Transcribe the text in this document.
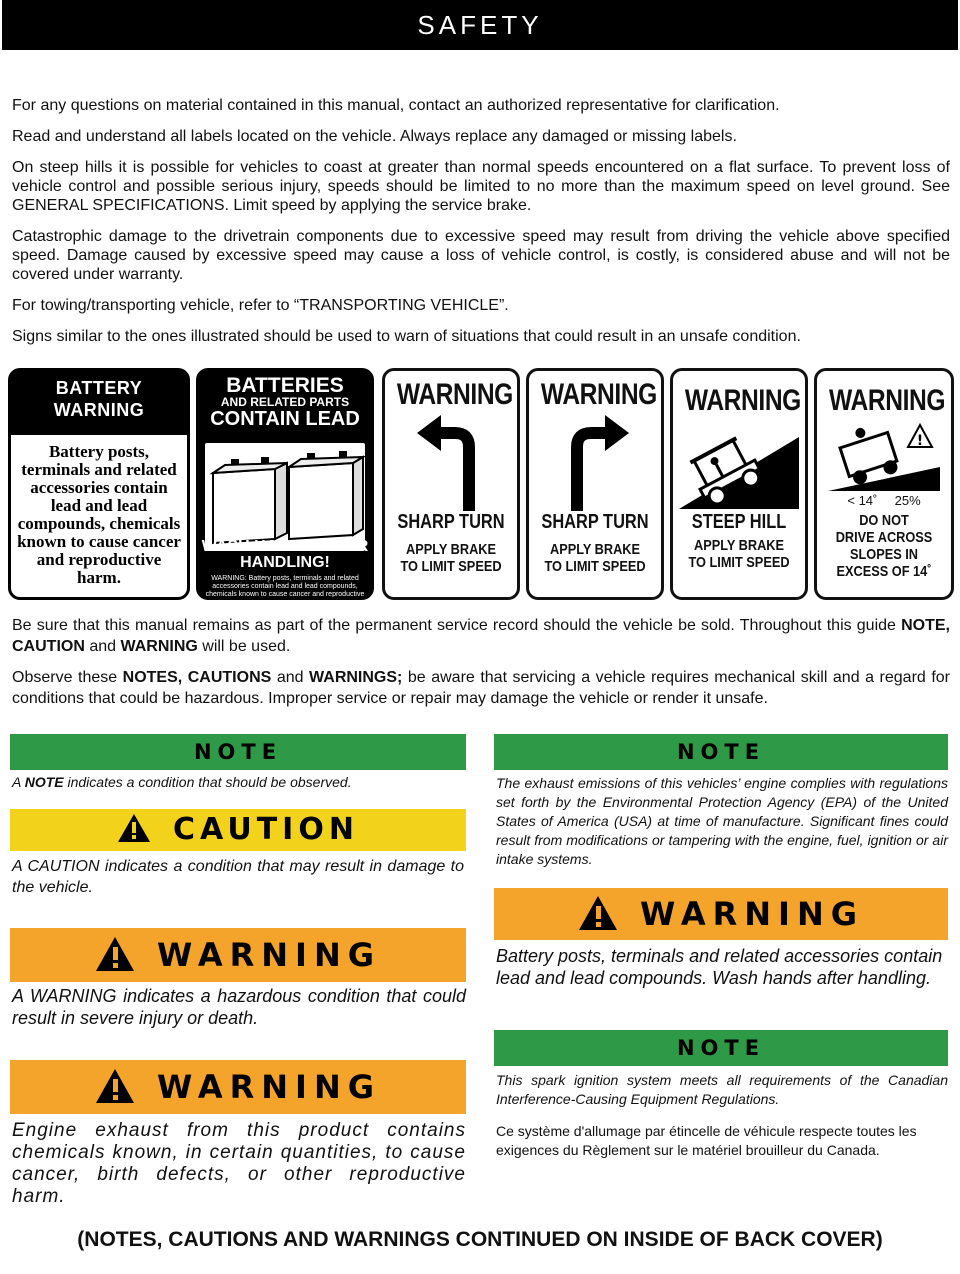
SAFETY

For any questions on material contained in this manual, contact an authorized representative for clarification.

Read and understand all labels located on the vehicle. Always replace any damaged or missing labels.

On steep hills it is possible for vehicles to coast at greater than normal speeds encountered on a flat surface. To prevent loss of vehicle control and possible serious injury, speeds should be limited to no more than the maximum speed on level ground. See GENERAL SPECIFICATIONS. Limit speed by applying the service brake.

Catastrophic damage to the drivetrain components due to excessive speed may result from driving the vehicle above specified speed. Damage caused by excessive speed may cause a loss of vehicle control, is costly, is considered abuse and will not be covered under warranty.

For towing/transporting vehicle, refer to “TRANSPORTING VEHICLE”.

Signs similar to the ones illustrated should be used to warn of situations that could result in an unsafe condition.

BATTERY WARNING
Battery posts, terminals and related accessories contain lead and lead compounds, chemicals known to cause cancer and reproductive harm.
BATTERIES
AND RELATED PARTS
CONTAIN LEAD
WASH HANDS AFTER HANDLING!
WARNING: Battery posts, terminals and related accessories contain lead and lead compounds, chemicals known to cause cancer and reproductive
WARNING
SHARP TURN
APPLY BRAKE
TO LIMIT SPEED
WARNING
SHARP TURN
APPLY BRAKE
TO LIMIT SPEED
WARNING
STEEP HILL
APPLY BRAKE
TO LIMIT SPEED
WARNING
!
< 14˚ 25%
DO NOT
DRIVE ACROSS
SLOPES IN
EXCESS OF 14˚

Be sure that this manual remains as part of the permanent service record should the vehicle be sold. Throughout this guide NOTE, CAUTION and WARNING will be used.

Observe these NOTES, CAUTIONS and WARNINGS; be aware that servicing a vehicle requires mechanical skill and a regard for conditions that could be hazardous. Improper service or repair may damage the vehicle or render it unsafe.

NOTE
A NOTE indicates a condition that should be observed.
CAUTION
A CAUTION indicates a condition that may result in damage to the vehicle.
WARNING
A WARNING indicates a hazardous condition that could result in severe injury or death.
WARNING
Engine exhaust from this product contains chemicals known, in certain quantities, to cause cancer, birth defects, or other reproductive harm.
NOTE
The exhaust emissions of this vehicles’ engine complies with regulations set forth by the Environmental Protection Agency (EPA) of the United States of America (USA) at time of manufacture. Significant fines could result from modifications or tampering with the engine, fuel, ignition or air intake systems.
WARNING
Battery posts, terminals and related accessories contain lead and lead compounds. Wash hands after handling.
NOTE
This spark ignition system meets all requirements of the Canadian Interference-Causing Equipment Regulations.
Ce système d'allumage par étincelle de véhicule respecte toutes les exigences du Règlement sur le matériel brouilleur du Canada.
(NOTES, CAUTIONS AND WARNINGS CONTINUED ON INSIDE OF BACK COVER)
